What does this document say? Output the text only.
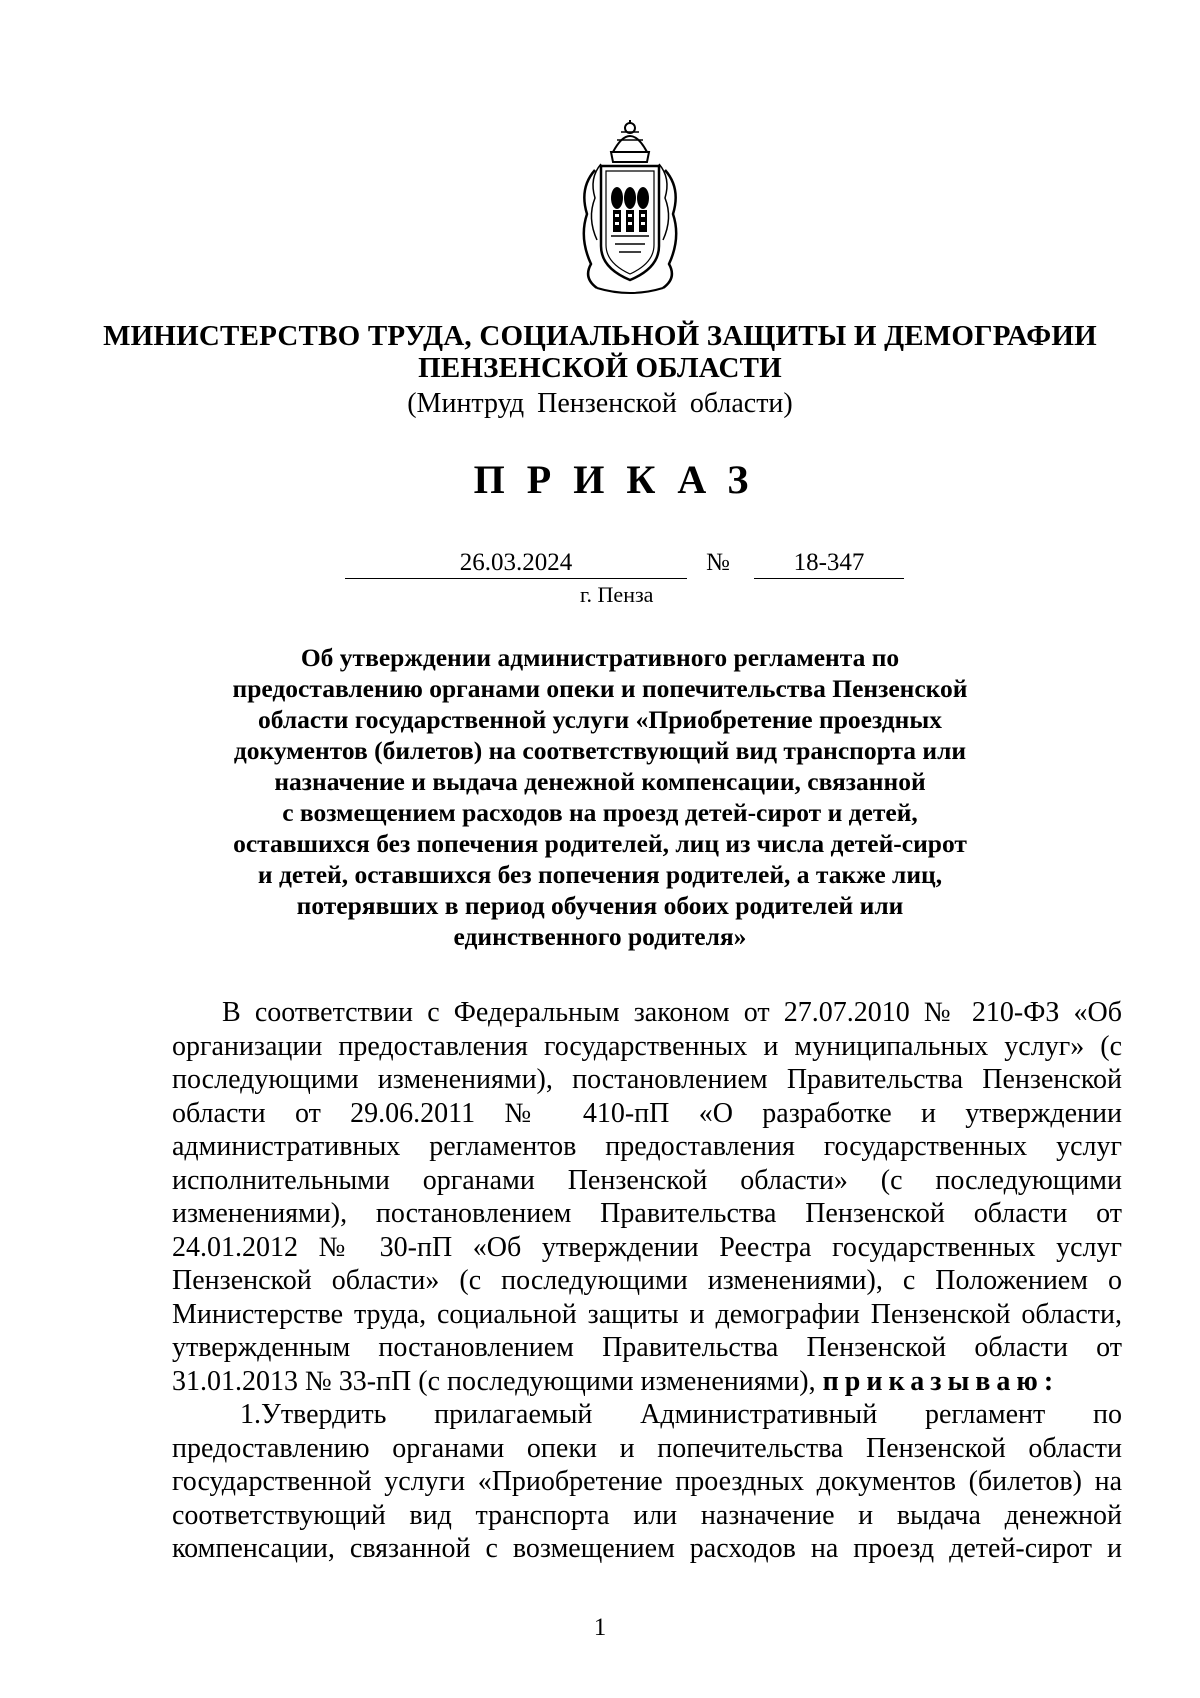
МИНИСТЕРСТВО ТРУДА, СОЦИАЛЬНОЙ ЗАЩИТЫ И ДЕМОГРАФИИ
ПЕНЗЕНСКОЙ ОБЛАСТИ
(Минтруд Пензенской области)
ПРИКАЗ
26.03.2024	№	18-347
г. Пенза
Об утверждении административного регламента по
предоставлению органами опеки и попечительства Пензенской
области государственной услуги «Приобретение проездных
документов (билетов) на соответствующий вид транспорта или
назначение и выдача денежной компенсации, связанной
с возмещением расходов на проезд детей-сирот и детей,
оставшихся без попечения родителей, лиц из числа детей-сирот
и детей, оставшихся без попечения родителей, а также лиц,
потерявших в период обучения обоих родителей или
единственного родителя»
В соответствии с Федеральным законом от 27.07.2010 № 210-ФЗ «Об
организации предоставления государственных и муниципальных услуг» (с
последующими изменениями), постановлением Правительства Пензенской
области от 29.06.2011 № 410-пП «О разработке и утверждении
административных регламентов предоставления государственных услуг
исполнительными органами Пензенской области» (с последующими
изменениями), постановлением Правительства Пензенской области от
24.01.2012 № 30-пП «Об утверждении Реестра государственных услуг
Пензенской области» (с последующими изменениями), с Положением о
Министерстве труда, социальной защиты и демографии Пензенской области,
утвержденным постановлением Правительства Пензенской области от
31.01.2013 № 33-пП (с последующими изменениями), приказываю:
1.Утвердить прилагаемый Административный регламент по
предоставлению органами опеки и попечительства Пензенской области
государственной услуги «Приобретение проездных документов (билетов) на
соответствующий вид транспорта или назначение и выдача денежной
компенсации, связанной с возмещением расходов на проезд детей-сирот и
1
